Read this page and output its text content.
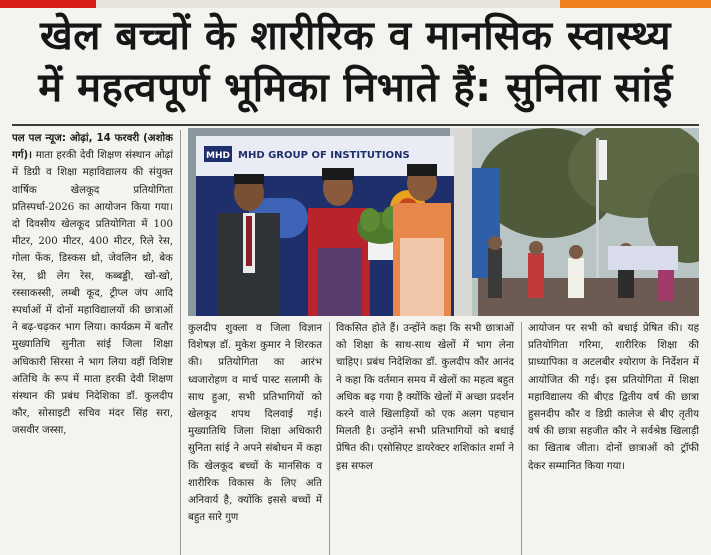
खेल बच्चों के शारीरिक व मानसिक स्वास्थ्य
में महत्वपूर्ण भूमिका निभाते हैं: सुनिता सांई

पल पल न्यूज: ओढ़ां, 14 फरवरी (अशोक गर्ग)। माता हरकी देवी शिक्षण संस्थान ओढ़ां में डिग्री व शिक्षा महाविद्यालय की संयुक्त वार्षिक खेलकूद प्रतियोगिता प्रतिस्पर्धा-2026 का आयोजन किया गया। दो दिवसीय खेलकूद प्रतियोगिता में 100 मीटर, 200 मीटर, 400 मीटर, रिले रेस, गोला फेंक, डिस्कस थ्रो, जेवलिन थ्रो, बेक रेस, थ्री लेग रेस, कब्बड्डी, खो-खो, रस्साकस्सी, लम्बी कूद, ट्रीप्ल जंप आदि स्पर्धाओं में दोनों महाविद्यालयों की छात्राओं ने बढ़-चढ़कर भाग लिया। कार्यक्रम में बतौर मुख्यातिथि सुनीता सांई जिला शिक्षा अधिकारी सिरसा ने भाग लिया वहीं विशिष्ट अतिथि के रूप में माता हरकी देवी शिक्षण संस्थान की प्रबंध निदेशिका डॉ. कुलदीप कौर, सोसाइटी सचिव मंदर सिंह सरा, जसवीर जस्सा,

MHD MHD GROUP OF INSTITUTIONS

कुलदीप शुक्ला व जिला विज्ञान विशेषज्ञ डॉ. मुकेश कुमार ने शिरकत की। प्रतियोगिता का आरंभ ध्वजारोहण व मार्च पास्ट सलामी के साथ हुआ, सभी प्रतिभागियों को खेलकूद शपथ दिलवाई गई। मुख्यातिथि जिला शिक्षा अधिकारी सुनिता सांई ने अपने संबोधन में कहा कि खेलकूद बच्चों के मानसिक व शारीरिक विकास के लिए अति अनिवार्य है, क्योंकि इससे बच्चों में बहुत सारे गुण

विकसित होते हैं। उन्होंने कहा कि सभी छात्राओं को शिक्षा के साथ-साथ खेलों में भाग लेना चाहिए। प्रबंध निदेशिका डॉ. कुलदीप कौर आनंद ने कहा कि वर्तमान समय में खेलों का महत्व बहुत अधिक बढ़ गया है क्योंकि खेलों में अच्छा प्रदर्शन करने वाले खिलाड़ियों को एक अलग पहचान मिलती है। उन्होंने सभी प्रतिभागियों को बधाई प्रेषित की। एसोसिएट डायरेक्टर शशिकांत शर्मा ने इस सफल

आयोजन पर सभी को बधाई प्रेषित की। यह प्रतियोगिता गरिमा, शारीरिक शिक्षा की प्राध्यापिका व अटलबीर श्योराण के निर्देशन में आयोजित की गई। इस प्रतियोगिता में शिक्षा महाविद्यालय की बीएड द्वितीय वर्ष की छात्रा हुसनदीप कौर व डिग्री कालेज से बीए तृतीय वर्ष की छात्रा सहजीत कौर ने सर्वश्रेष्ठ खिलाड़ी का खिताब जीता। दोनों छात्राओं को ट्रॉफी देकर सम्मानित किया गया।
